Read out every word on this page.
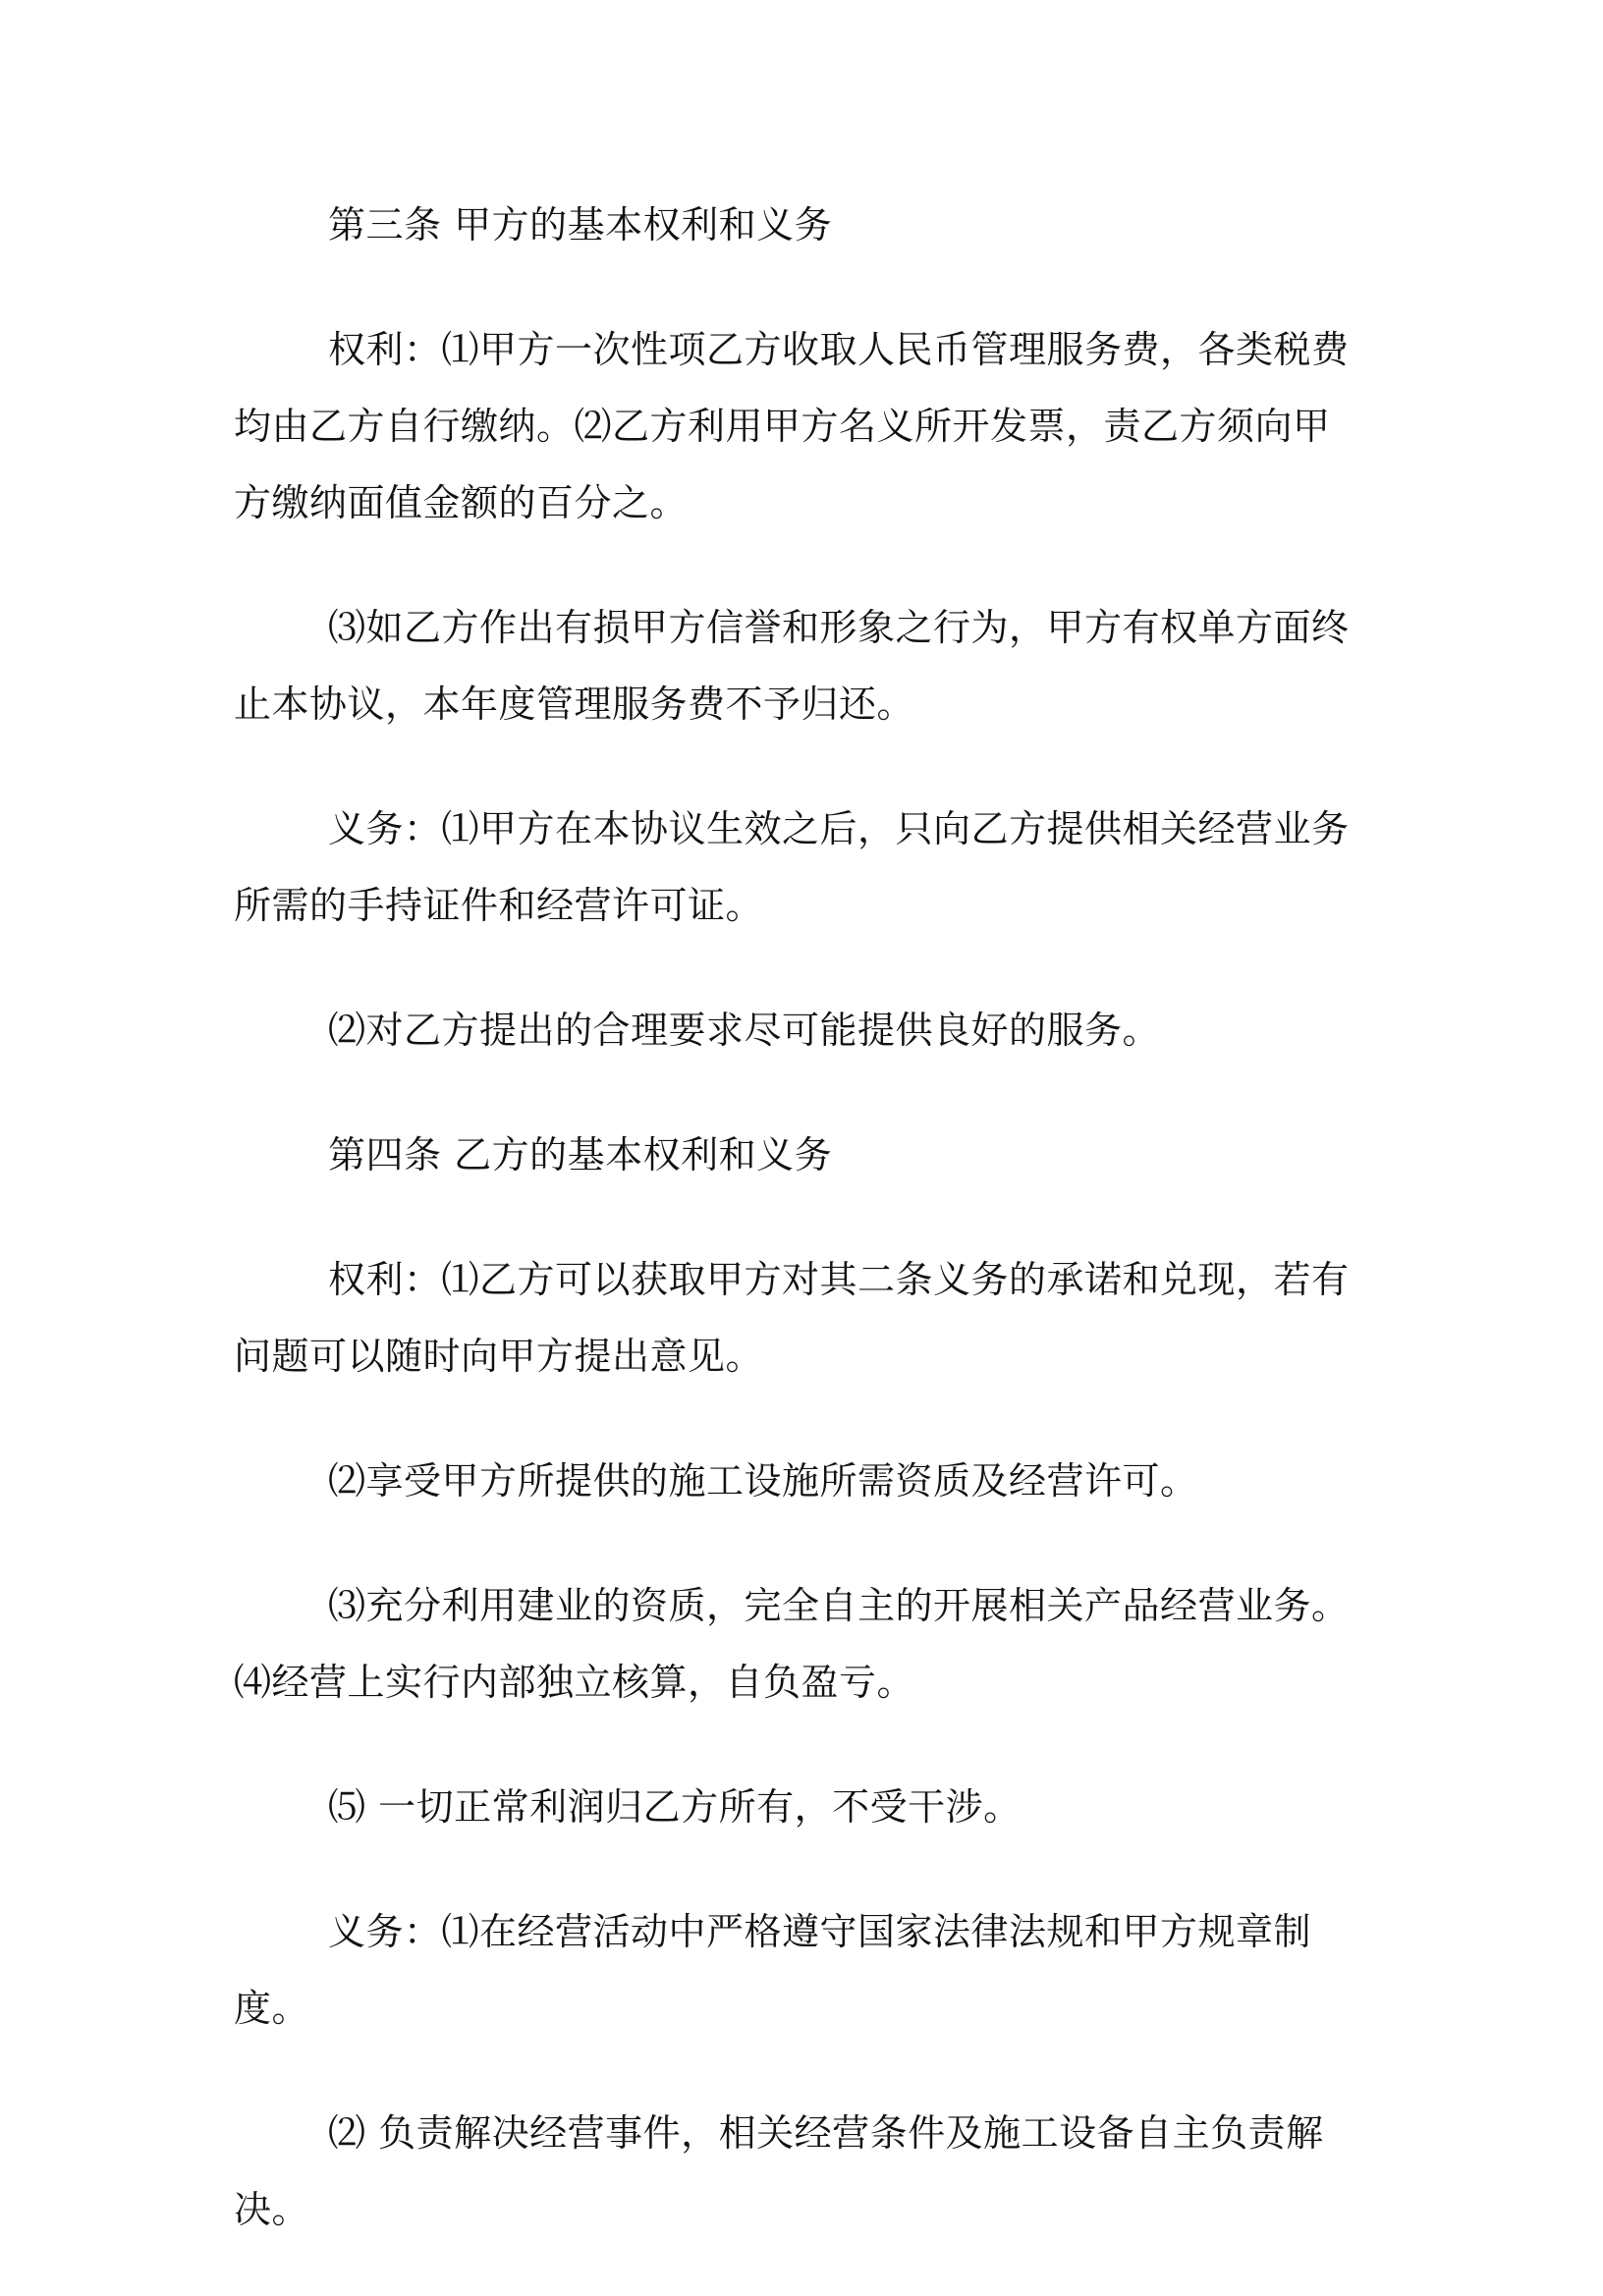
第三条 甲方的基本权利和义务

权利：⑴甲方一次性项乙方收取人民币管理服务费，各类税费均由乙方自行缴纳。⑵乙方利用甲方名义所开发票，责乙方须向甲方缴纳面值金额的百分之。

⑶如乙方作出有损甲方信誉和形象之行为，甲方有权单方面终止本协议，本年度管理服务费不予归还。

义务：⑴甲方在本协议生效之后，只向乙方提供相关经营业务所需的手持证件和经营许可证。

⑵对乙方提出的合理要求尽可能提供良好的服务。

第四条 乙方的基本权利和义务

权利：⑴乙方可以获取甲方对其二条义务的承诺和兑现，若有问题可以随时向甲方提出意见。

⑵享受甲方所提供的施工设施所需资质及经营许可。

⑶充分利用建业的资质，完全自主的开展相关产品经营业务。⑷经营上实行内部独立核算，自负盈亏。

⑸ 一切正常利润归乙方所有，不受干涉。

义务：⑴在经营活动中严格遵守国家法律法规和甲方规章制度。

⑵ 负责解决经营事件，相关经营条件及施工设备自主负责解决。
